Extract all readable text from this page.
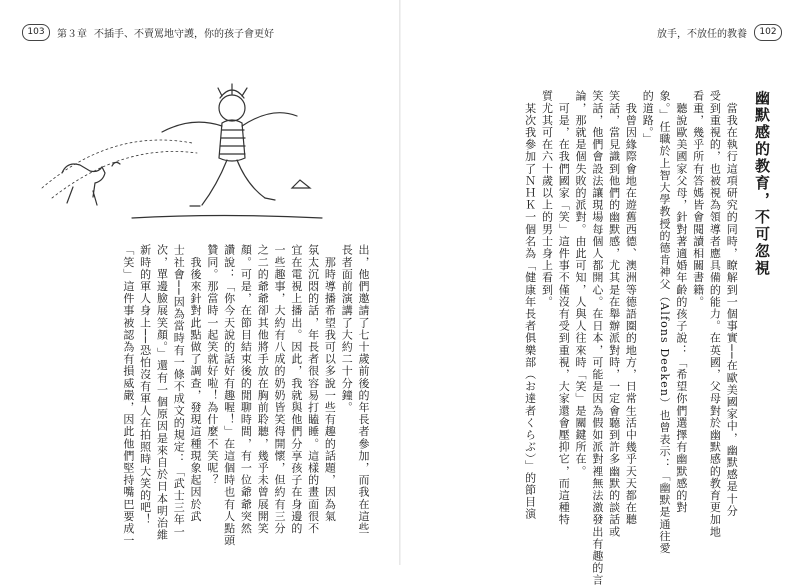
103	第３章 不插手、不賣罵地守護，你的孩子會更好
出，他們邀請了七十歲前後的年長者參加，而我在這些
長者面前演講了大約二十分鐘。
　那時導播希望我可以多說一些有趣的話題，因為氣
氛太沉悶的話，年長者很容易打瞌睡。這樣的畫面很不
宜在電視上播出。因此，我就與他們分享孩子在身邊的
一些趣事，大約有八成的奶奶皆笑得開懷，但約有三分
之二的爺爺卻其他將手放在胸前聆聽，幾乎未曾展開笑
顏。可是，在節目結束後的閒聊時間，有一位爺爺突然
讚說：「你今天說的話好有趣喔！」在這個時也有人點頭
贊同。那當時一起笑就好啦！為什麼不笑呢？
　我後來針對此點做了調查，發現這種現象起因於武
士社會──因為當時有一條不成文的規定：「武士三年一
次，單邊臉展笑顏。」還有一個原因是來自於日本明治維
新時的軍人身上──恐怕沒有軍人在拍照時大笑的吧！
「笑」這件事被認為有損威嚴，因此他們堅持嘴巴要成一
放手，不放任的教養	102
幽默感的教育，不可忽視
　當我在執行這項研究的同時，瞭解到一個事實──在歐美國家中，幽默感是十分
受到重視的，也被視為領導者應具備的能力。在英國，父母對於幽默感的教育更加地
看重，幾乎所有答媽皆會閱讀相關書籍。
　聽說歐美國家父母，針對著適婚年齡的孩子說：「希望你們選擇有幽默感的對
象。」任職於上智大學教授的德肯神父（Alfons Deeken）也曾表示：「幽默是通往愛
的道路。」
　我曾因緣際會地在遊舊西德、澳洲等德語圈的地方，日常生活中幾乎天天都在聽
笑話，當見識到他們的幽默感，尤其是在舉辦派對時，一定會聽到許多幽默的談話或
笑話，他們會設法讓現場每個人都開心。在日本，可能是因為假如派對裡無法激發出有趣的言
論，那就是個失敗的派對。由此可知，人與人往來時「笑」是關鍵所在。
　可是，在我們國家「笑」這件事不僅沒有受到重視，大家還會壓抑它，而這種特
質尤其可在六十歲以上的男士身上看到。
　某次我參加了ＮＨＫ一個名為「健康年長者俱樂部（お達者くらぶ）」的節目演
